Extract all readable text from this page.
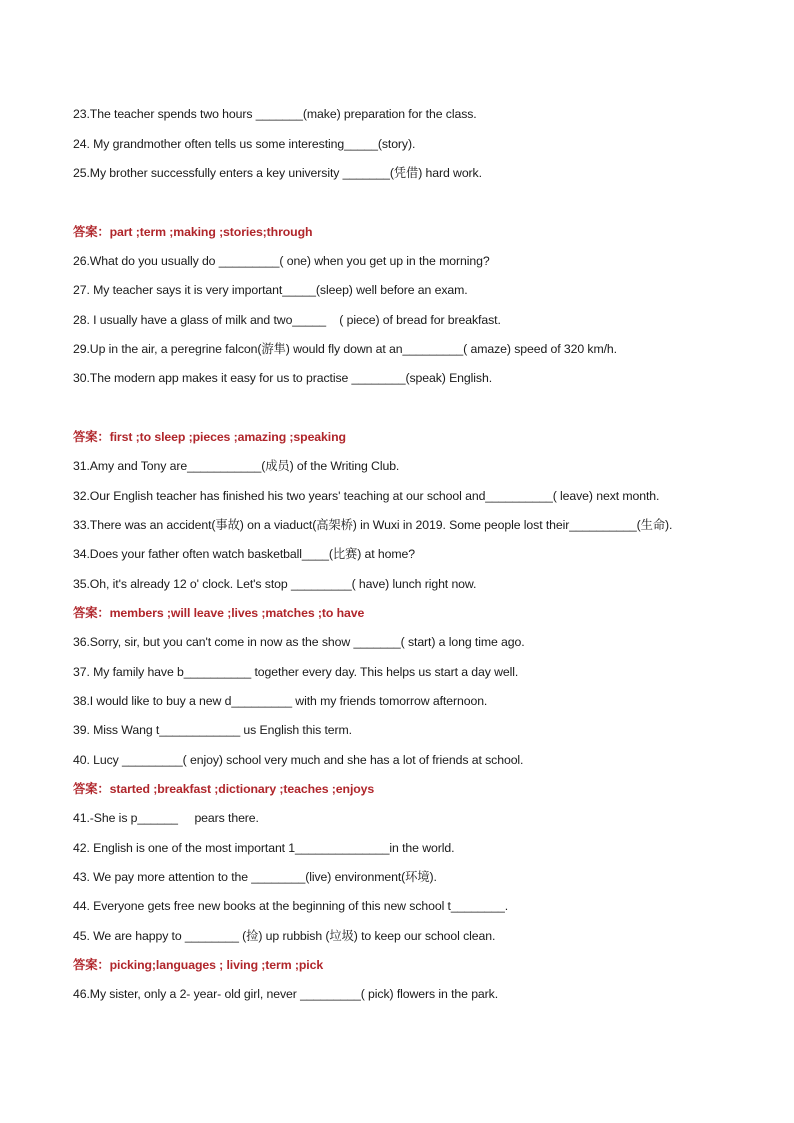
23.The teacher spends two hours _______(make) preparation for the class.
24. My grandmother often tells us some interesting_____(story).
25.My brother successfully enters a key university _______(凭借) hard work.
答案：part ;term ;making ;stories;through
26.What do you usually do _________( one) when you get up in the morning?
27. My teacher says it is very important_____(sleep) well before an exam.
28. I usually have a glass of milk and two_____    ( piece) of bread for breakfast.
29.Up in the air, a peregrine falcon(游隼) would fly down at an_________( amaze) speed of 320 km/h.
30.The modern app makes it easy for us to practise ________(speak) English.
答案：first ;to sleep ;pieces ;amazing ;speaking
31.Amy and Tony are___________(成员) of the Writing Club.
32.Our English teacher has finished his two years' teaching at our school and__________( leave) next month.
33.There was an accident(事故) on a viaduct(高架桥) in Wuxi in 2019. Some people lost their__________(生命).
34.Does your father often watch basketball____(比赛) at home?
35.Oh, it's already 12 o' clock. Let's stop _________( have) lunch right now.
答案：members ;will leave ;lives ;matches ;to have
36.Sorry, sir, but you can't come in now as the show _______( start) a long time ago.
37. My family have b__________ together every day. This helps us start a day well.
38.I would like to buy a new d_________ with my friends tomorrow afternoon.
39. Miss Wang t____________ us English this term.
40. Lucy _________( enjoy) school very much and she has a lot of friends at school.
答案：started ;breakfast ;dictionary ;teaches ;enjoys
41.-She is p______     pears there.
42. English is one of the most important 1______________in the world.
43. We pay more attention to the ________(live) environment(环境).
44. Everyone gets free new books at the beginning of this new school t________.
45. We are happy to ________ (捡) up rubbish (垃圾) to keep our school clean.
答案：picking;languages ; living ;term ;pick
46.My sister, only a 2- year- old girl, never _________( pick) flowers in the park.
